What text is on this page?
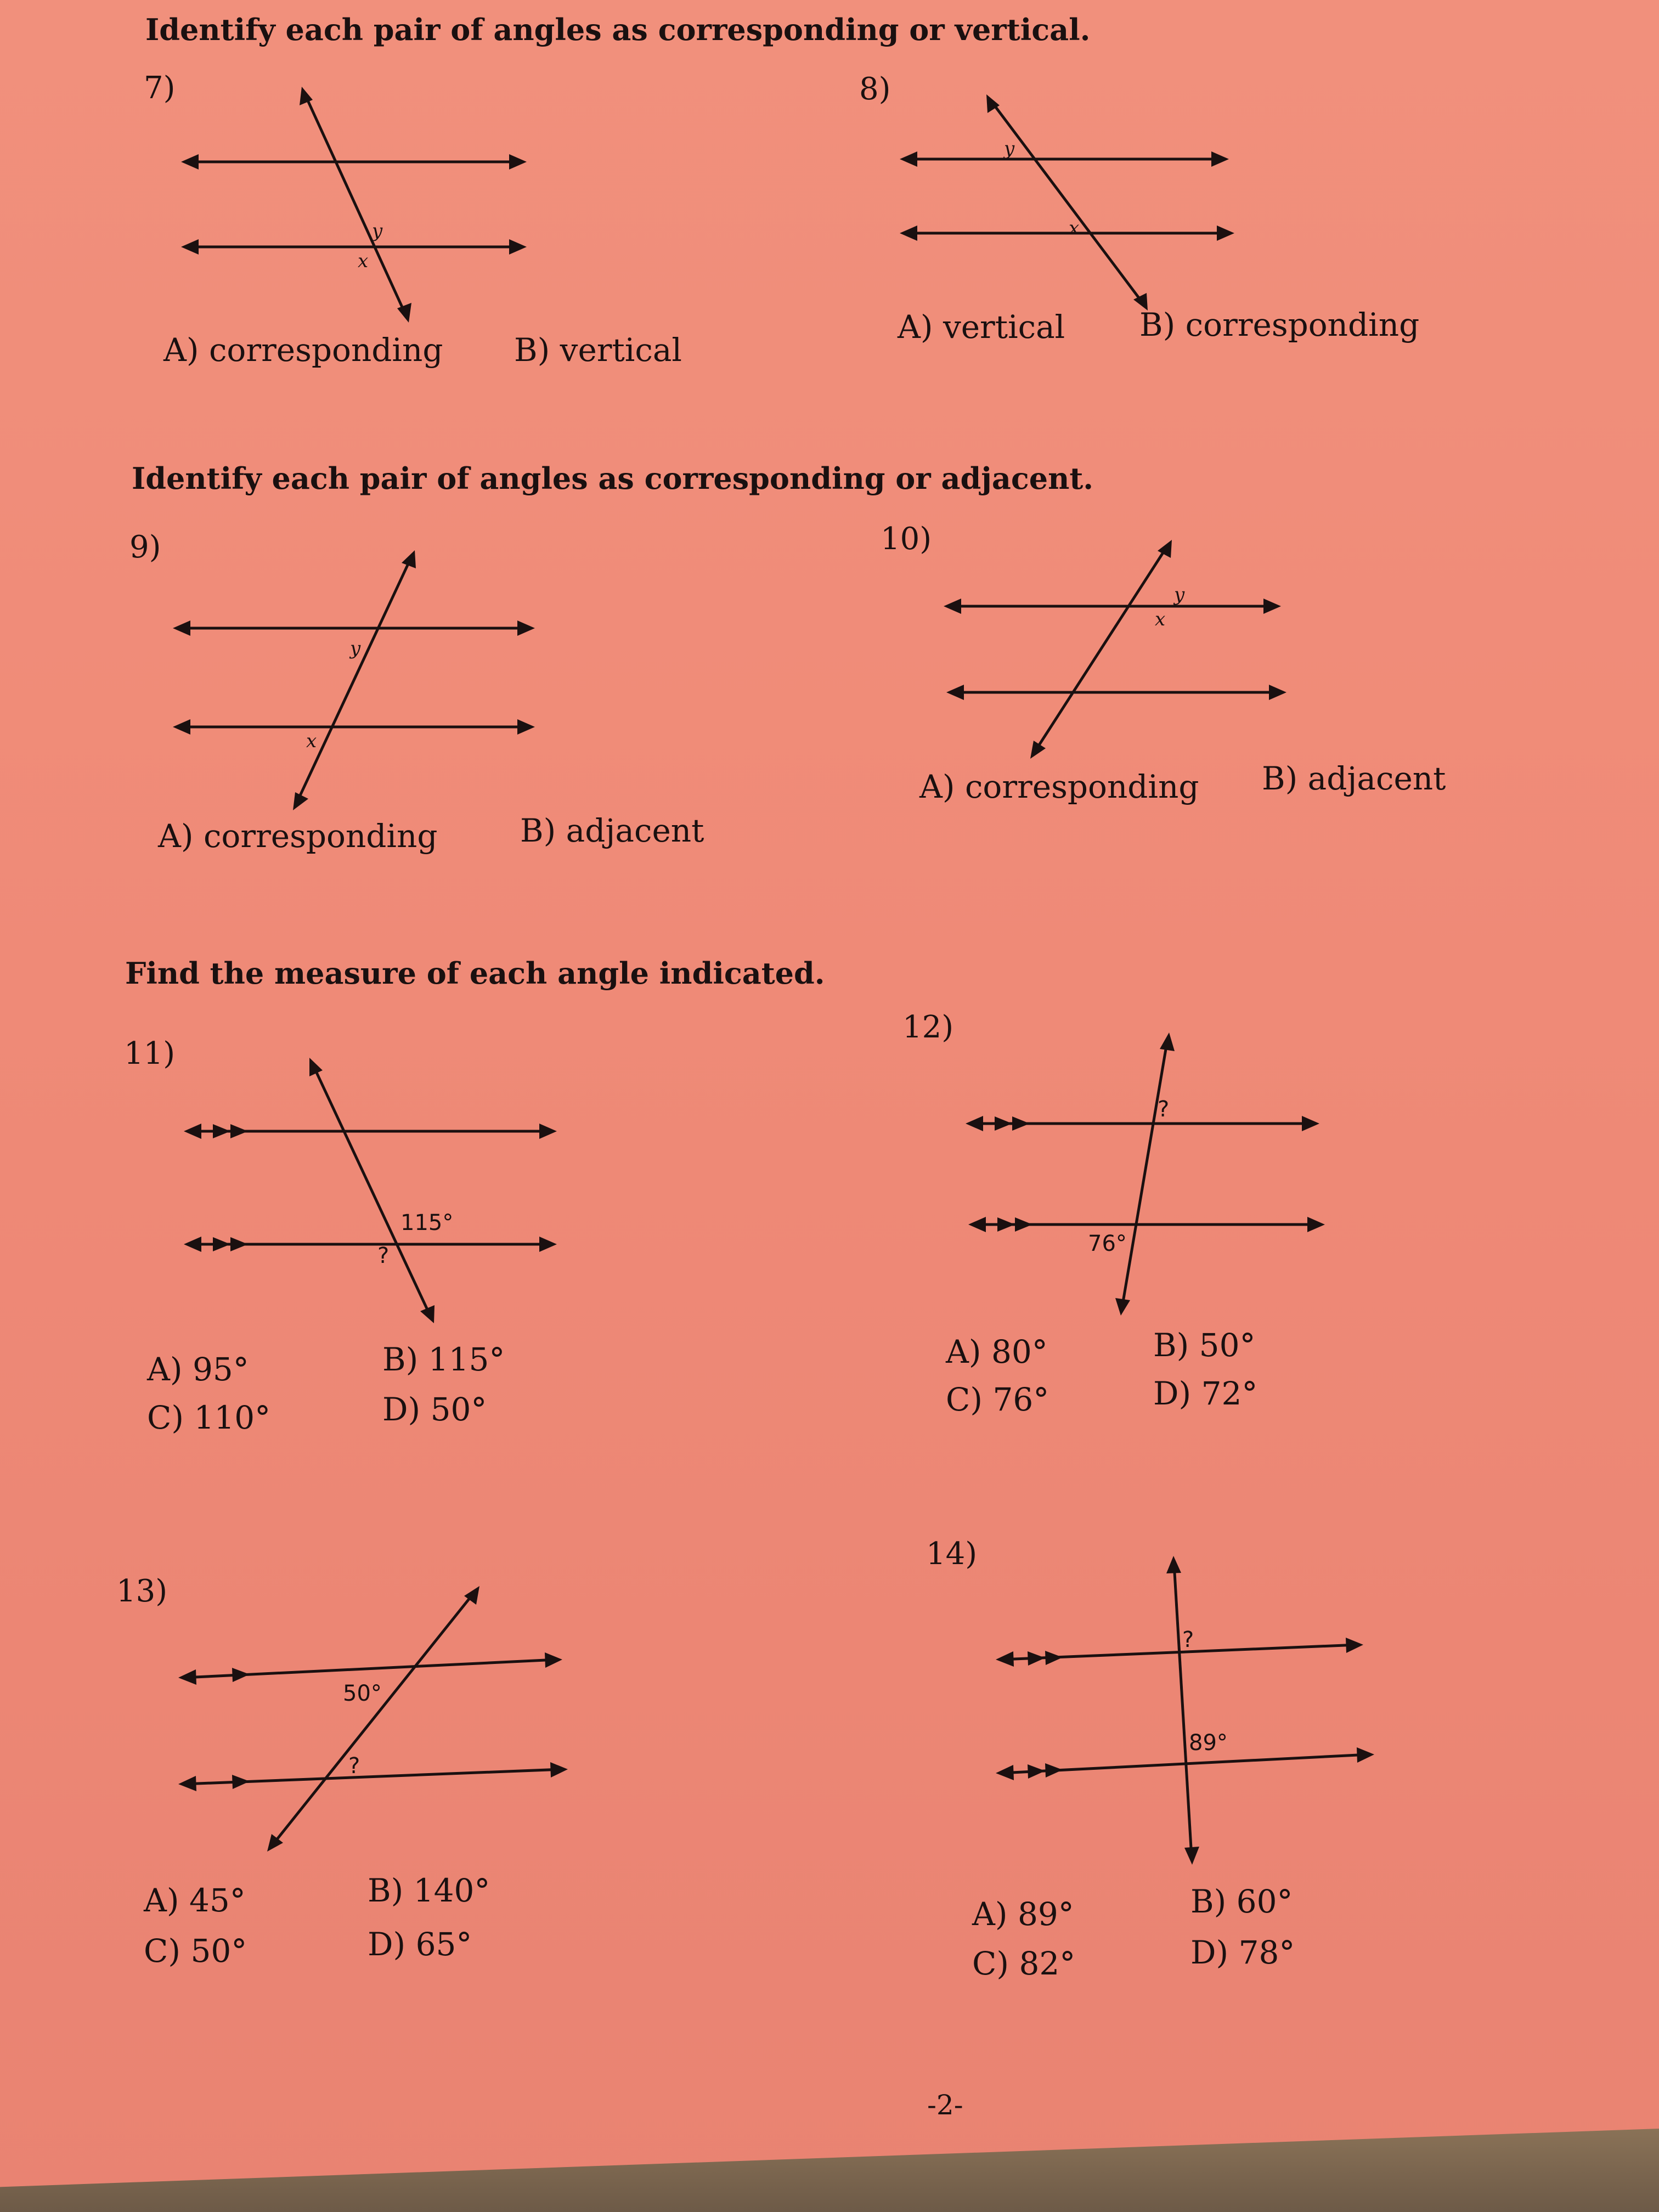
Identify each pair of angles as corresponding or vertical.
Identify each pair of angles as corresponding or adjacent.
Find the measure of each angle indicated.
7)
y
x
A) corresponding B) vertical
8)
y
x
A) vertical B) corresponding
9)
y
x
A) corresponding	B) adjacent
10)
y
x
A) corresponding B) adjacent
11)
115°
?
A) 95°	B) 115°
C) 110°	D) 50°
12)
?
76°
A) 80°	B) 50°
C) 76°	D) 72°
13)
50°
?
A) 45°	B) 140°
C) 50°	D) 65°
14)
?
89°
A) 89°	B) 60°
C) 82°	D) 78°
-2-
